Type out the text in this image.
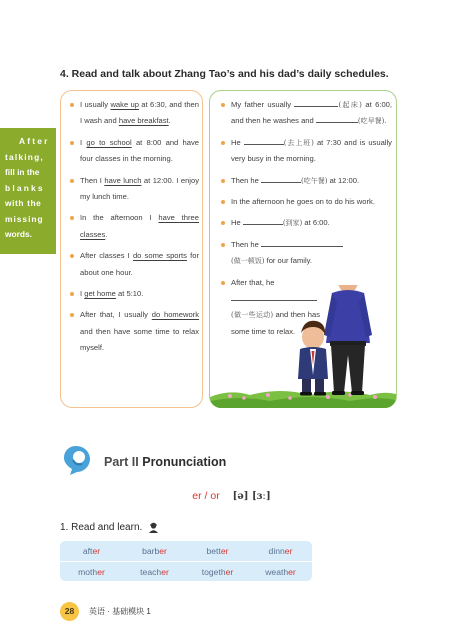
4. Read and talk about Zhang Tao’s and his dad’s daily schedules.
After
talking,
fill in the
blanks
with the
missing
words.
I usually wake up at 6:30, and then I wash and have breakfast.
I go to school at 8:00 and have four classes in the morning.
Then I have lunch at 12:00. I enjoy my lunch time.
In the afternoon I have three classes.
After classes I do some sports for about one hour.
I get home at 5:10.
After that, I usually do homework and then have some time to relax myself.
My father usually	(起床) at 6:00, and then he washes and	(吃早餐).
He	(去上班) at 7:30 and is usually very busy in the morning.
Then he	(吃午餐) at 12:00.
In the afternoon he goes on to do his work.
He	(到家) at 6:00.
Then he
(做一顿饭) for our family.
After that, he

(做一些运动) and then has some time to relax.
Part II Pronunciation
er / or [ə] [ɜː]
1. Read and learn.
after	barber	better	dinner
mother	teacher	together	weather
28	英语 · 基础模块 1
